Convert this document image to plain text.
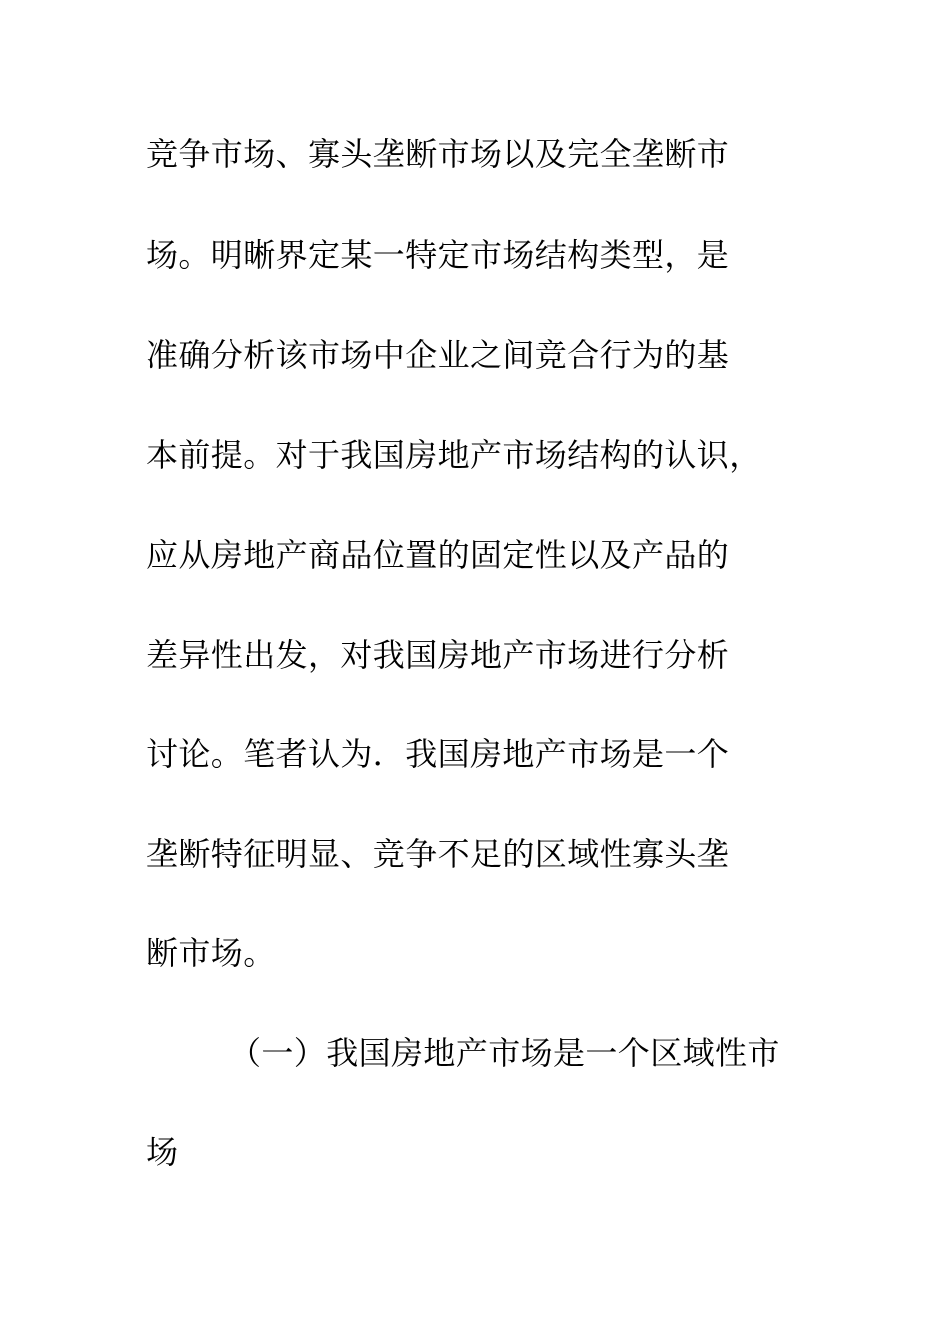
竞争市场、寡头垄断市场以及完全垄断市
场。明晰界定某一特定市场结构类型，是
准确分析该市场中企业之间竞合行为的基
本前提。对于我国房地产市场结构的认识，
应从房地产商品位置的固定性以及产品的
差异性出发，对我国房地产市场进行分析
讨论。笔者认为．我国房地产市场是一个
垄断特征明显、竞争不足的区域性寡头垄
断市场。
（一）我国房地产市场是一个区域性市
场
